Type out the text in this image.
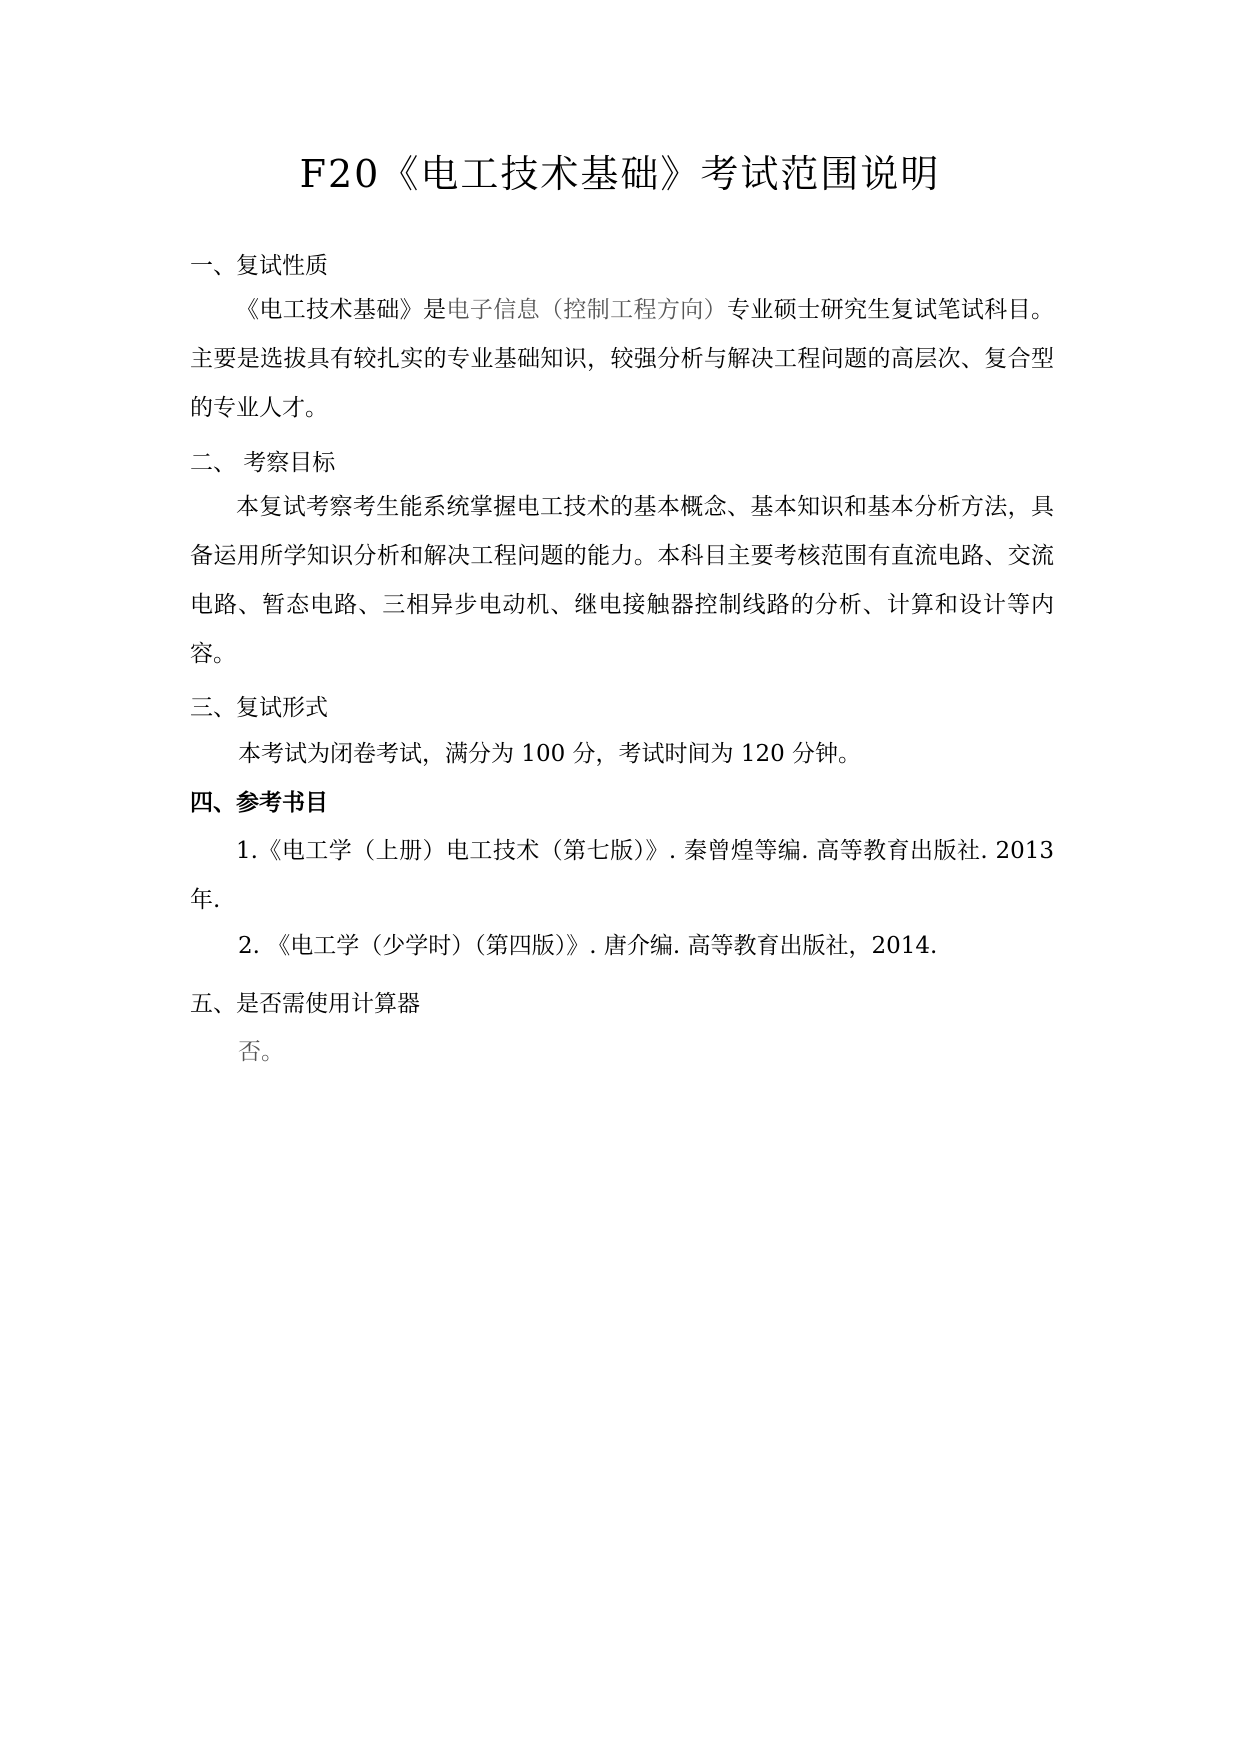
F20《电工技术基础》考试范围说明
一、复试性质
《电工技术基础》是电子信息（控制工程方向）专业硕士研究生复试笔试科目。主要是选拔具有较扎实的专业基础知识，较强分析与解决工程问题的高层次、复合型的专业人才。
二、 考察目标
本复试考察考生能系统掌握电工技术的基本概念、基本知识和基本分析方法，具备运用所学知识分析和解决工程问题的能力。本科目主要考核范围有直流电路、交流电路、暂态电路、三相异步电动机、继电接触器控制线路的分析、计算和设计等内容。
三、复试形式
本考试为闭卷考试，满分为 100 分，考试时间为 120 分钟。
四、参考书目
1.《电工学（上册）电工技术（第七版）》. 秦曾煌等编. 高等教育出版社. 2013 年.
2. 《电工学（少学时）（第四版）》. 唐介编. 高等教育出版社，2014.
五、是否需使用计算器
否。
